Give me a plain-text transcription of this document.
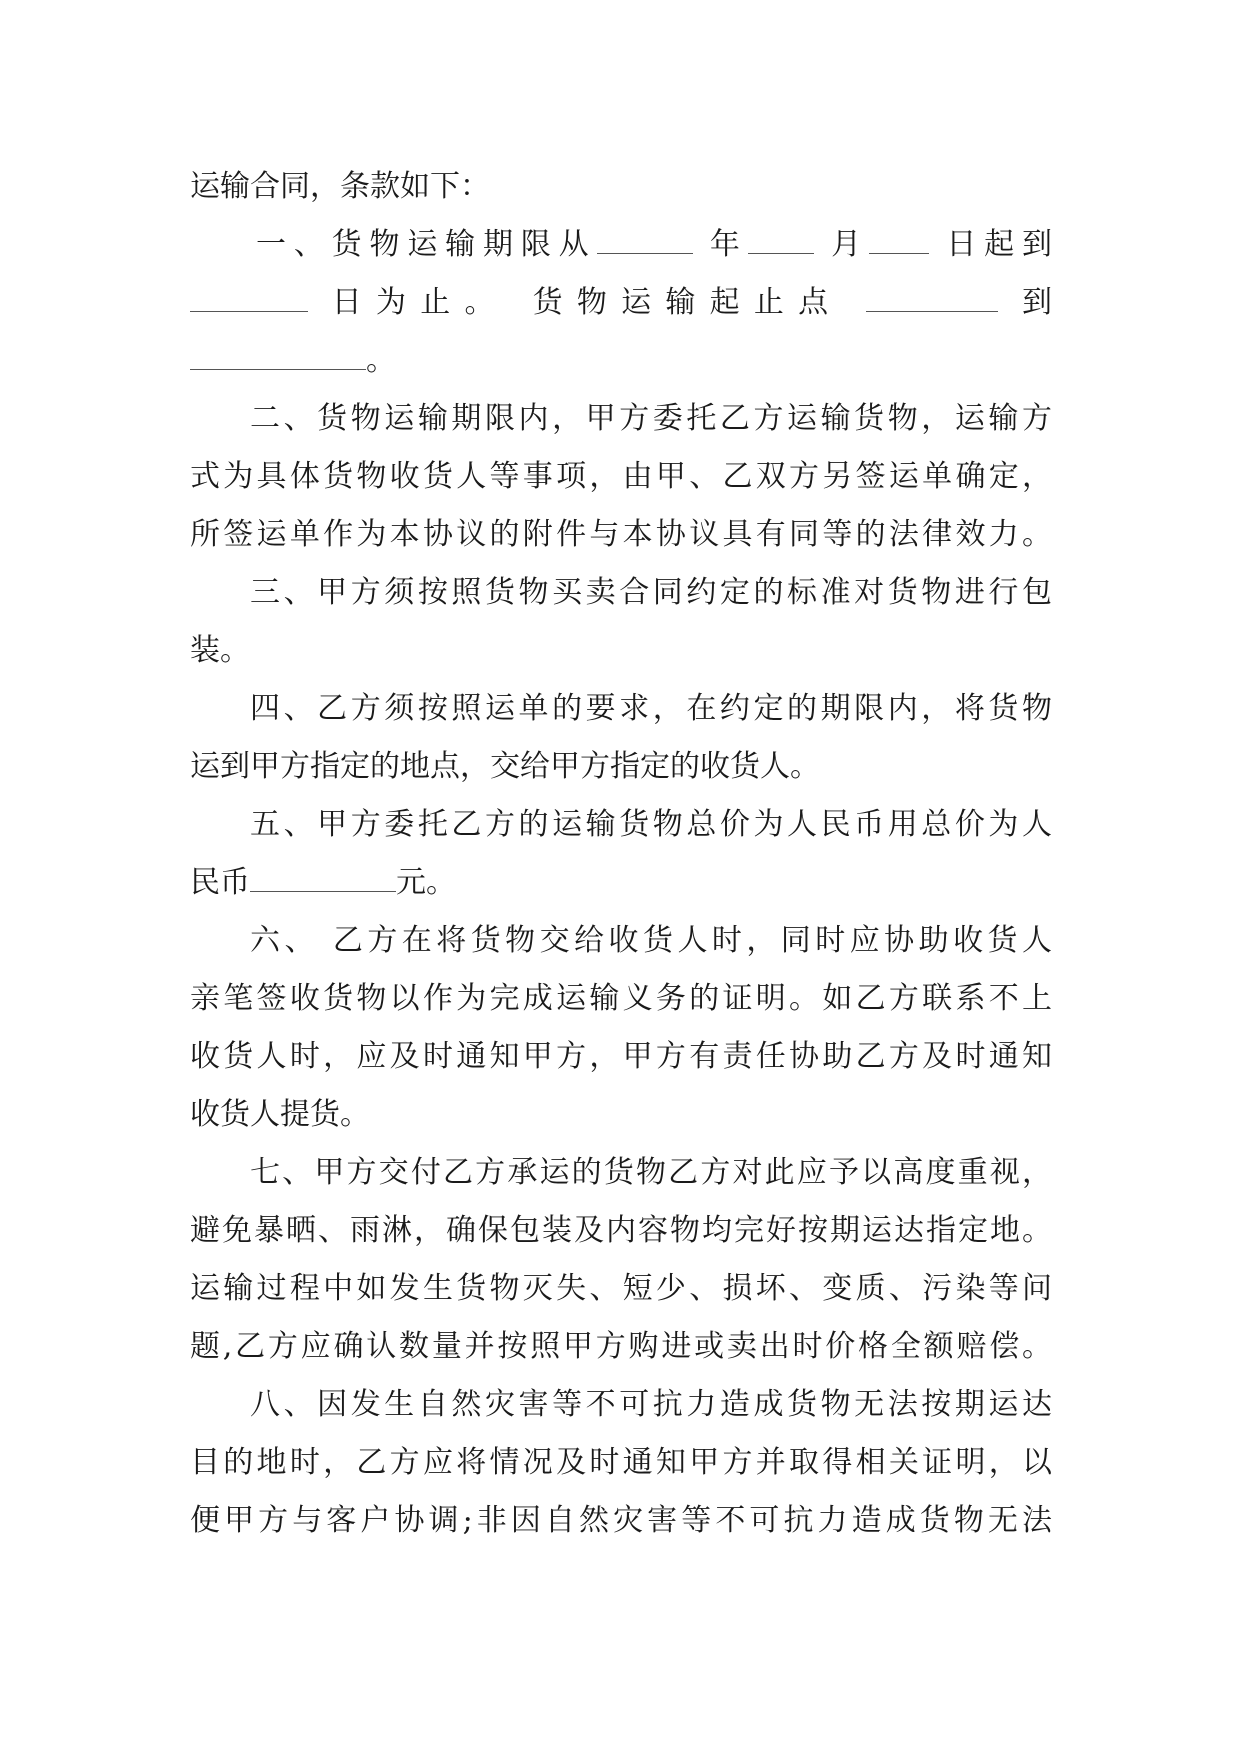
运输合同，条款如下：
一、货物运输期限从	年	月	日起到
日为止。 货物运输起止点	到
。
二、货物运输期限内，甲方委托乙方运输货物，运输方
式为具体货物收货人等事项，由甲、乙双方另签运单确定，
所签运单作为本协议的附件与本协议具有同等的法律效力。
三、甲方须按照货物买卖合同约定的标准对货物进行包
装。
四、乙方须按照运单的要求，在约定的期限内，将货物
运到甲方指定的地点，交给甲方指定的收货人。
五、甲方委托乙方的运输货物总价为人民币用总价为人
民币	元。
六、 乙方在将货物交给收货人时，同时应协助收货人
亲笔签收货物以作为完成运输义务的证明。如乙方联系不上
收货人时，应及时通知甲方，甲方有责任协助乙方及时通知
收货人提货。
七、甲方交付乙方承运的货物乙方对此应予以高度重视，
避免暴晒、雨淋，确保包装及内容物均完好按期运达指定地。
运输过程中如发生货物灭失、短少、损坏、变质、污染等问
题,乙方应确认数量并按照甲方购进或卖出时价格全额赔偿。
八、因发生自然灾害等不可抗力造成货物无法按期运达
目的地时，乙方应将情况及时通知甲方并取得相关证明，以
便甲方与客户协调;非因自然灾害等不可抗力造成货物无法
